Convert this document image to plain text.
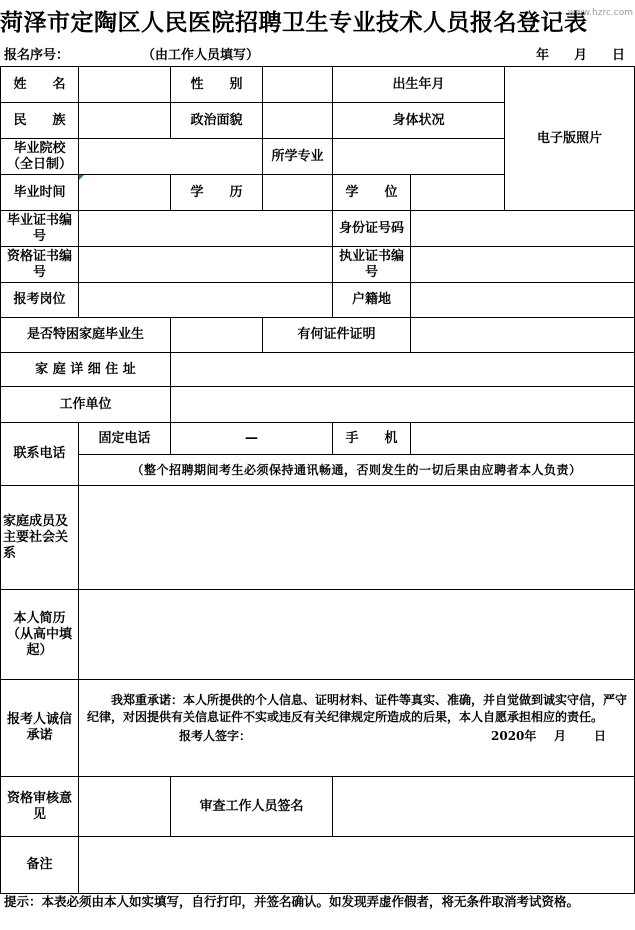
菏泽市定陶区人民医院招聘卫生专业技术人员报名登记表
www.hzrc.com
报名序号：	（由工作人员填写）	年 月 日
姓　　名		性　　别		出生年月		电子版照片
民　　族		政治面貌		身体状况		
毕业院校（全日制）			所学专业			
毕业时间		学　　历		学　　位		
毕业证书编号				身份证号码		
资格证书编号				执业证书编号		
报考岗位				户籍地		
是否特困家庭毕业生			有何证件证明			
家 庭 详 细 住 址						
工作单位						
联系电话	固定电话	—		手　　机		
	（整个招聘期间考生必须保持通讯畅通，否则发生的一切后果由应聘者本人负责）					
家庭成员及主要社会关系						
本人简历（从高中填起）						
报考人诚信承诺	我郑重承诺：本人所提供的个人信息、证明材料、证件等真实、准确，并自觉做到诚实守信，严守纪律，对因提供有关信息证件不实或违反有关纪律规定所造成的后果，本人自愿承担相应的责任。
报考人签字： 2020年 月 日					

资格审核意见		审查工作人员签名				
备注						
提示：本表必须由本人如实填写，自行打印，并签名确认。如发现弄虚作假者，将无条件取消考试资格。
